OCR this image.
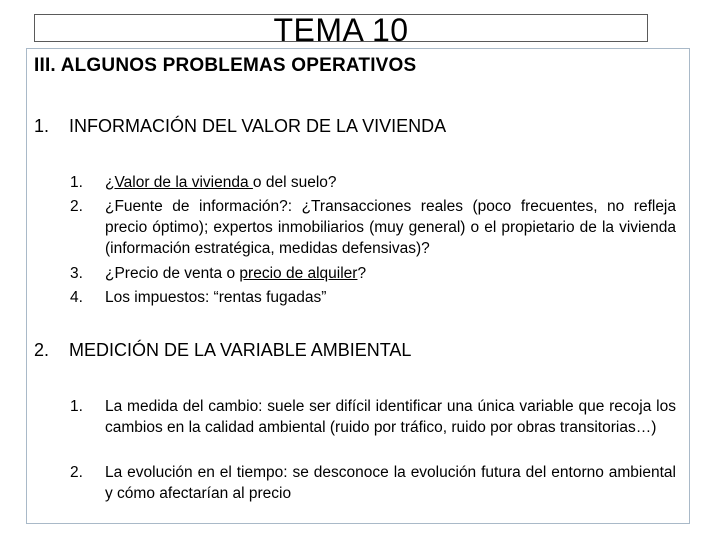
TEMA 10
III. ALGUNOS PROBLEMAS OPERATIVOS
1. INFORMACIÓN DEL VALOR DE LA VIVIENDA
1. ¿Valor de la vivienda o del suelo?
2. ¿Fuente de información?: ¿Transacciones reales (poco frecuentes, no refleja precio óptimo); expertos inmobiliarios (muy general) o el propietario de la vivienda (información estratégica, medidas defensivas)?
3. ¿Precio de venta o precio de alquiler?
4. Los impuestos: “rentas fugadas”
2. MEDICIÓN DE LA VARIABLE AMBIENTAL
1. La medida del cambio: suele ser difícil identificar una única variable que recoja los cambios en la calidad ambiental (ruido por tráfico, ruido por obras transitorias…)
2. La evolución en el tiempo: se desconoce la evolución futura del entorno ambiental y cómo afectarían al precio
